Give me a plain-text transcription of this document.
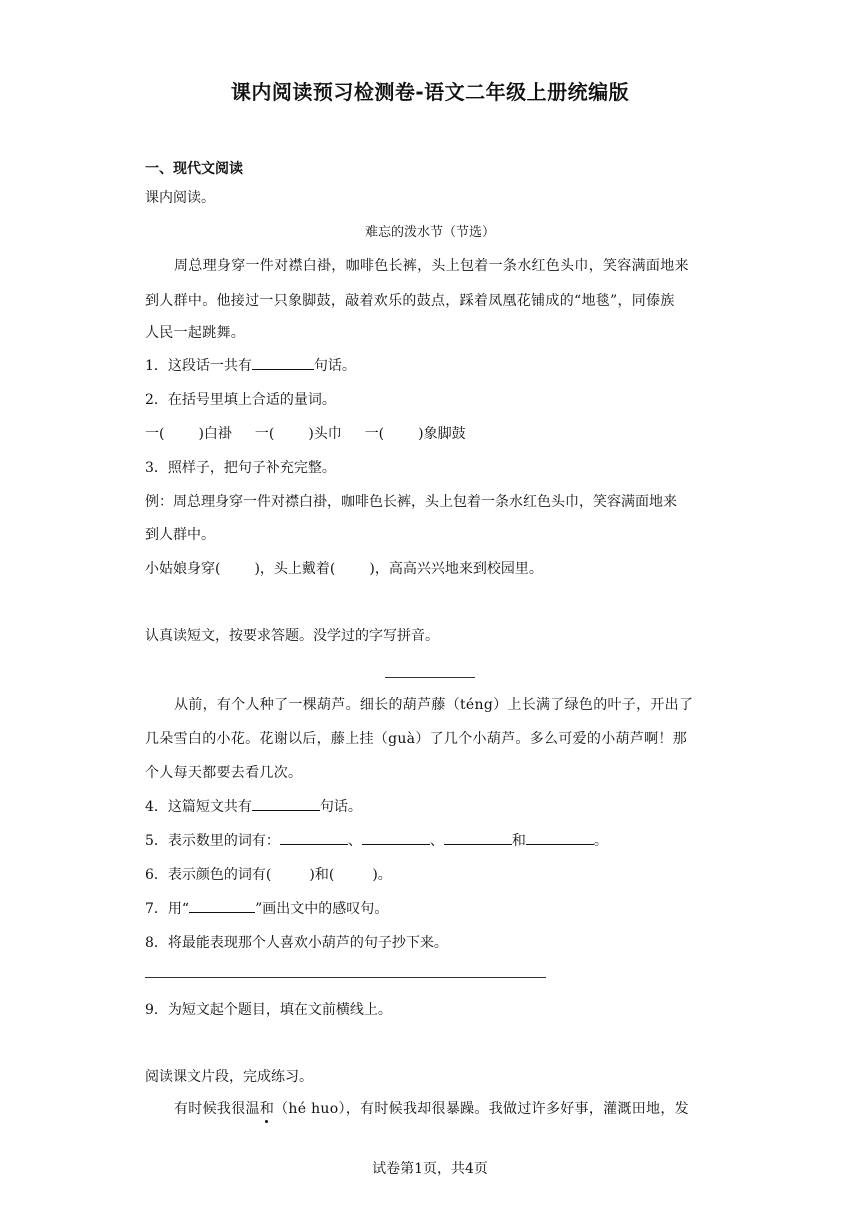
课内阅读预习检测卷-语文二年级上册统编版
一、现代文阅读
课内阅读。
难忘的泼水节（节选）
周总理身穿一件对襟白褂，咖啡色长裤，头上包着一条水红色头巾，笑容满面地来
到人群中。他接过一只象脚鼓，敲着欢乐的鼓点，踩着凤凰花铺成的“地毯”，同傣族
人民一起跳舞。
1．这段话一共有	句话。
2．在括号里填上合适的量词。
一( )白褂 一( )头巾 一( )象脚鼓
3．照样子，把句子补充完整。
例：周总理身穿一件对襟白褂，咖啡色长裤，头上包着一条水红色头巾，笑容满面地来
到人群中。
小姑娘身穿( )，头上戴着( )，高高兴兴地来到校园里。
认真读短文，按要求答题。没学过的字写拼音。
从前，有个人种了一棵葫芦。细长的葫芦藤（téng）上长满了绿色的叶子，开出了
几朵雪白的小花。花谢以后，藤上挂（guà）了几个小葫芦。多么可爱的小葫芦啊！那
个人每天都要去看几次。
4．这篇短文共有	句话。
5．表示数里的词有：	、	、	和	。
6．表示颜色的词有(	)和(	)。
7．用“	”画出文中的感叹句。
8．将最能表现那个人喜欢小葫芦的句子抄下来。
9．为短文起个题目，填在文前横线上。
阅读课文片段，完成练习。
有时候我很温和（hé huo），有时候我却很暴躁。我做过许多好事，灌溉田地，发
试卷第1页，共4页
